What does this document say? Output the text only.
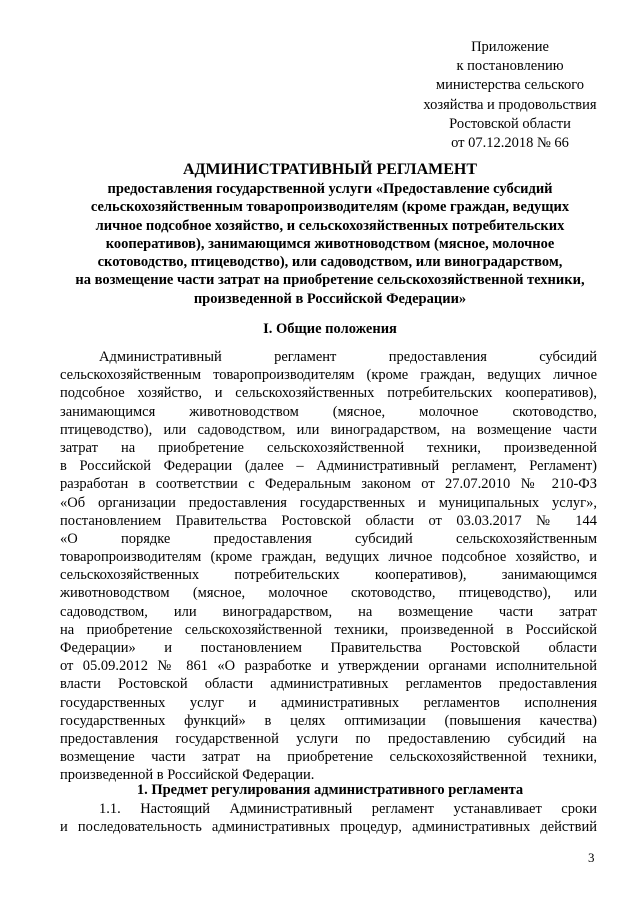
Приложение
к постановлению
министерства сельского
хозяйства и продовольствия
Ростовской области
от 07.12.2018 № 66
АДМИНИСТРАТИВНЫЙ РЕГЛАМЕНТ
предоставления государственной услуги «Предоставление субсидий
сельскохозяйственным товаропроизводителям (кроме граждан, ведущих
личное подсобное хозяйство, и сельскохозяйственных потребительских
кооперативов), занимающимся животноводством (мясное, молочное
скотоводство, птицеводство), или садоводством, или виноградарством,
на возмещение части затрат на приобретение сельскохозяйственной техники,
произведенной в Российской Федерации»
I. Общие положения
Административный регламент предоставления субсидий
сельскохозяйственным товаропроизводителям (кроме граждан, ведущих личное
подсобное хозяйство, и сельскохозяйственных потребительских кооперативов),
занимающимся животноводством (мясное, молочное скотоводство,
птицеводство), или садоводством, или виноградарством, на возмещение части
затрат на приобретение сельскохозяйственной техники, произведенной
в Российской Федерации (далее – Административный регламент, Регламент)
разработан в соответствии с Федеральным законом от 27.07.2010 № 210-ФЗ
«Об организации предоставления государственных и муниципальных услуг»,
постановлением Правительства Ростовской области от 03.03.2017 № 144
«О порядке предоставления субсидий сельскохозяйственным
товаропроизводителям (кроме граждан, ведущих личное подсобное хозяйство, и
сельскохозяйственных потребительских кооперативов), занимающимся
животноводством (мясное, молочное скотоводство, птицеводство), или
садоводством, или виноградарством, на возмещение части затрат
на приобретение сельскохозяйственной техники, произведенной в Российской
Федерации» и постановлением Правительства Ростовской области
от 05.09.2012 № 861 «О разработке и утверждении органами исполнительной
власти Ростовской области административных регламентов предоставления
государственных услуг и административных регламентов исполнения
государственных функций» в целях оптимизации (повышения качества)
предоставления государственной услуги по предоставлению субсидий на
возмещение части затрат на приобретение сельскохозяйственной техники,
произведенной в Российской Федерации.
1. Предмет регулирования административного регламента
1.1. Настоящий Административный регламент устанавливает сроки
и последовательность административных процедур, административных действий
3
